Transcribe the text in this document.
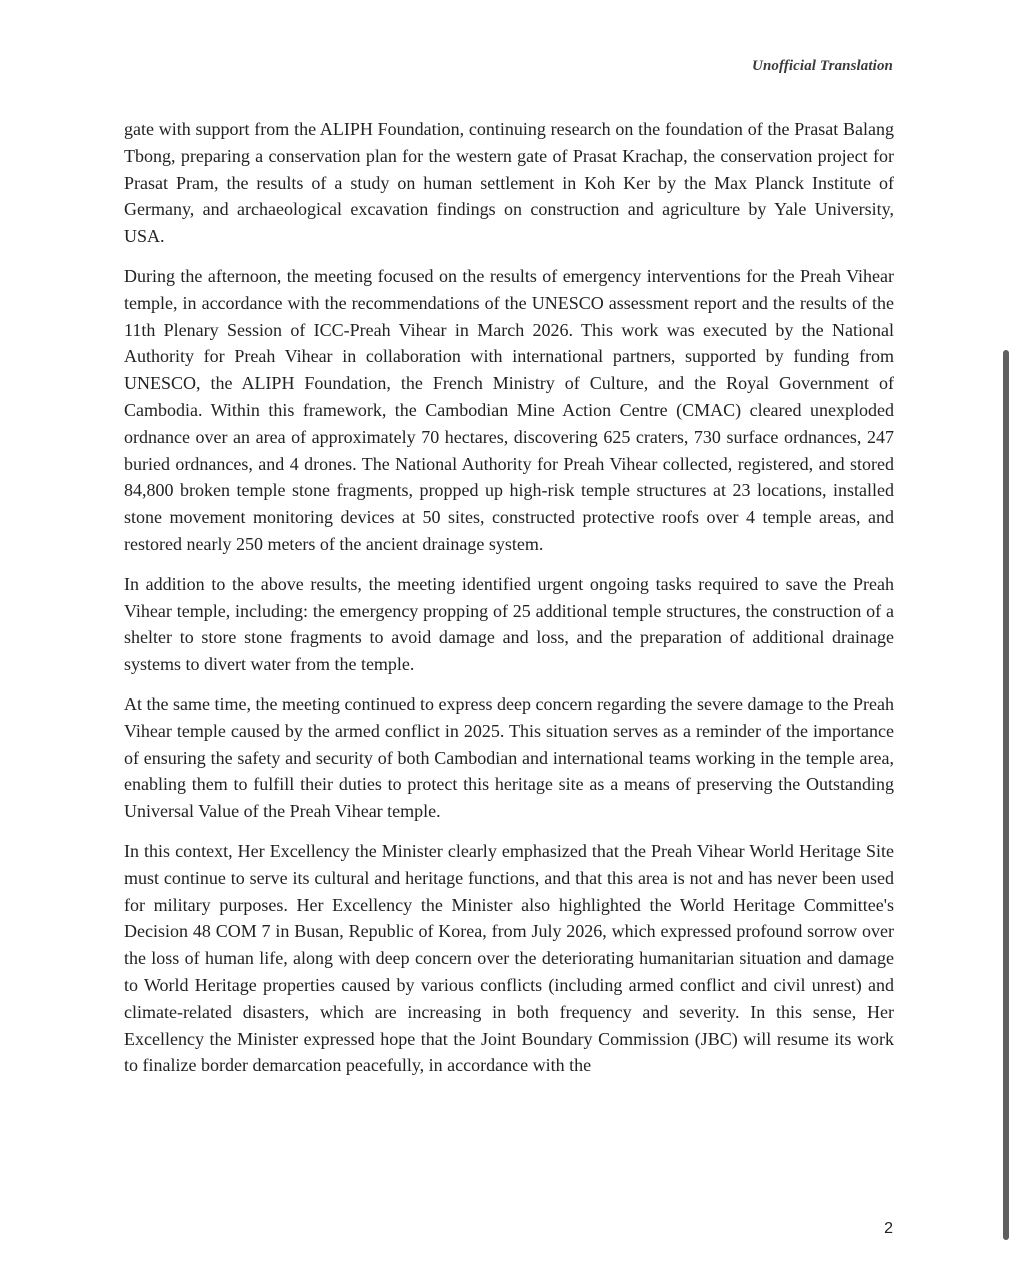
Unofficial Translation

gate with support from the ALIPH Foundation, continuing research on the foundation of the Prasat Balang Tbong, preparing a conservation plan for the western gate of Prasat Krachap, the conservation project for Prasat Pram, the results of a study on human settlement in Koh Ker by the Max Planck Institute of Germany, and archaeological excavation findings on construction and agriculture by Yale University, USA.

During the afternoon, the meeting focused on the results of emergency interventions for the Preah Vihear temple, in accordance with the recommendations of the UNESCO assessment report and the results of the 11th Plenary Session of ICC-Preah Vihear in March 2026. This work was executed by the National Authority for Preah Vihear in collaboration with international partners, supported by funding from UNESCO, the ALIPH Foundation, the French Ministry of Culture, and the Royal Government of Cambodia. Within this framework, the Cambodian Mine Action Centre (CMAC) cleared unexploded ordnance over an area of approximately 70 hectares, discovering 625 craters, 730 surface ordnances, 247 buried ordnances, and 4 drones. The National Authority for Preah Vihear collected, registered, and stored 84,800 broken temple stone fragments, propped up high-risk temple structures at 23 locations, installed stone movement monitoring devices at 50 sites, constructed protective roofs over 4 temple areas, and restored nearly 250 meters of the ancient drainage system.

In addition to the above results, the meeting identified urgent ongoing tasks required to save the Preah Vihear temple, including: the emergency propping of 25 additional temple structures, the construction of a shelter to store stone fragments to avoid damage and loss, and the preparation of additional drainage systems to divert water from the temple.

At the same time, the meeting continued to express deep concern regarding the severe damage to the Preah Vihear temple caused by the armed conflict in 2025. This situation serves as a reminder of the importance of ensuring the safety and security of both Cambodian and international teams working in the temple area, enabling them to fulfill their duties to protect this heritage site as a means of preserving the Outstanding Universal Value of the Preah Vihear temple.

In this context, Her Excellency the Minister clearly emphasized that the Preah Vihear World Heritage Site must continue to serve its cultural and heritage functions, and that this area is not and has never been used for military purposes. Her Excellency the Minister also highlighted the World Heritage Committee's Decision 48 COM 7 in Busan, Republic of Korea, from July 2026, which expressed profound sorrow over the loss of human life, along with deep concern over the deteriorating humanitarian situation and damage to World Heritage properties caused by various conflicts (including armed conflict and civil unrest) and climate-related disasters, which are increasing in both frequency and severity. In this sense, Her Excellency the Minister expressed hope that the Joint Boundary Commission (JBC) will resume its work to finalize border demarcation peacefully, in accordance with the

2
